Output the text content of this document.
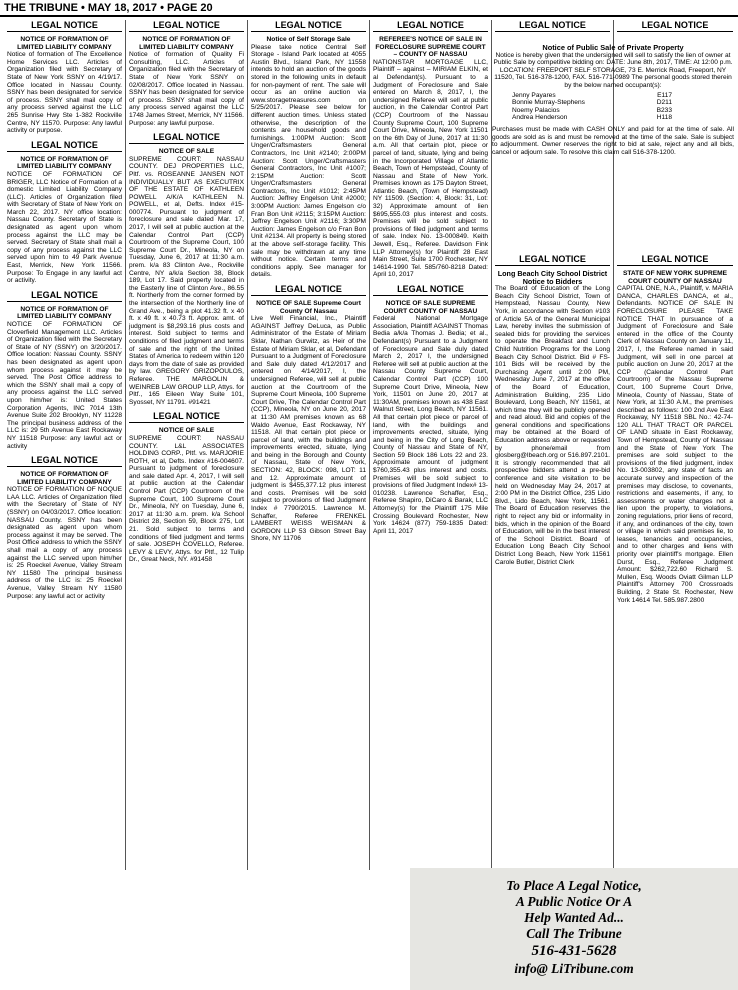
THE TRIBUNE • MAY 18, 2017 • PAGE 20
LEGAL NOTICE
NOTICE OF FORMATION OF LIMITED LIABILITY COMPANY
Notice of formation of The Excellence Home Services LLC. Articles of Organization filed with Secretary of State of New York SSNY on 4/19/17. Office located in Nassau County. SSNY has been designated for service of process. SSNY shall mail copy of any process served against the LLC 265 Sunrise Hwy Ste 1-382 Rockville Centre, NY 11570. Purpose: Any lawful activity or purpose.
LEGAL NOTICE
NOTICE OF FORMATION OF LIMITED LIABILITY COMPANY
NOTICE OF FORMATION OF BRIGER, LLC Notice of Formation of a domestic Limited Liability Company (LLC). Articles of Organization filed with Secretary of State of New York on March 22, 2017. NY office location: Nassau County. Secretary of State is designated as agent upon whom process against the LLC may be served. Secretary of State shall mail a copy of any process against the LLC served upon him to 49 Park Avenue East, Merrick, New York 11566. Purpose: To Engage in any lawful act or activity.
LEGAL NOTICE
NOTICE OF FORMATION OF LIMITED LIABILITY COMPANY
NOTICE OF FORMATION OF Cloverfield Management LLC. Articles of Organization filed with the Secretary of State of NY (SSNY) on 3/20/2017. Office location: Nassau County. SSNY has been designated as agent upon whom process against it may be served. The Post Office address to which the SSNY shall mail a copy of any process against the LLC served upon him/her is: United States Corporation Agents, INC 7014 13th Avenue Suite 202 Brooklyn, NY 11228 The principal business address of the LLC is: 29 5th Avenue East Rockaway NY 11518 Purpose: any lawful act or activity
LEGAL NOTICE
NOTICE OF FORMATION OF LIMITED LIABILITY COMPANY
NOTICE OF FORMATION OF NOQUE LAA LLC. Articles of Organization filed with the Secretary of State of NY (SSNY) on 04/03/2017. Office location: NASSAU County. SSNY has been designated as agent upon whom process against it may be served. The Post Office address to which the SSNY shall mail a copy of any process against the LLC served upon him/her is: 25 Roeckel Avenue, Valley Stream NY 11580 The principal business address of the LLC is: 25 Roeckel Avenue, Valley Stream NY 11580 Purpose: any lawful act or activity
LEGAL NOTICE
NOTICE OF FORMATION OF LIMITED LIABILITY COMPANY
Notice of formation of Quality Fi Consulting, LLC. Articles of Organization filed with the Secretary of State of New York SSNY on 02/08/2017. Office located in Nassau. SSNY has been designated for service of process. SSNY shall mail copy of any process served against the LLC 1748 James Street, Merrick, NY 11566. Purpose: any lawful purpose.
LEGAL NOTICE
NOTICE OF SALE
SUPREME COURT: NASSAU COUNTY. DEJ PROPERTIES LLC, Pltf. vs. ROSEANNE JANSEN NOT INDIVIDUALLY BUT AS EXECUTRIX OF THE ESTATE OF KATHLEEN POWELL A/K/A KATHLEEN N. POWELL, et al, Defts. Index #15-000774. Pursuant to judgment of foreclosure and sale dated Mar. 17, 2017, I will sell at public auction at the Calendar Control Part (CCP) Courtroom of the Supreme Court, 100 Supreme Court Dr., Mineola, NY on Tuesday, June 6, 2017 at 11:30 a.m. prem. k/a 83 Clinton Ave., Rockville Centre, NY a/k/a Section 38, Block 189, Lot 17. Said property located in the Easterly line of Clinton Ave., 86.55 ft. Northerly from the corner formed by the intersection of the Northerly line of Grand Ave., being a plot 41.32 ft. x 40 ft. x 49 ft. x 40.73 ft. Approx. amt. of judgment is $8,293.16 plus costs and interest. Sold subject to terms and conditions of filed judgment and terms of sale and the right of the United States of America to redeem within 120 days from the date of sale as provided by law. GREGORY GRIZOPOULOS, Referee. THE MARGOLIN & WEINREB LAW GROUP LLP, Attys. for Pltf., 165 Eileen Way Suite 101, Syosset, NY 11791. #91421
LEGAL NOTICE
NOTICE OF SALE
SUPREME COURT: NASSAU COUNTY. L&L ASSOCIATES HOLDING CORP., Pltf. vs. MARJORIE ROTH, et al, Defts. Index #16-004607. Pursuant to judgment of foreclosure and sale dated Apr. 4, 2017, I will sell at public auction at the Calendar Control Part (CCP) Courtroom of the Supreme Court, 100 Supreme Court Dr., Mineola, NY on Tuesday, June 6, 2017 at 11:30 a.m. prem. k/a School District 28, Section 59, Block 275, Lot 21. Sold subject to terms and conditions of filed judgment and terms of sale. JOSEPH COVELLO, Referee. LEVY & LEVY, Attys. for Pltf., 12 Tulip Dr., Great Neck, NY. #91458
LEGAL NOTICE
Notice of Self Storage Sale
Please take notice Central Self Storage - Island Park located at 4055 Austin Blvd., Island Park, NY 11558 intends to hold an auction of the goods stored in the following units in default for non-payment of rent. The sale will occur as an online auction via www.storagetreasures.com on 5/25/2017. Please see below for different auction times. Unless stated otherwise, the description of the contents are household goods and furnishings. 1:00PM Auction: Scott Unger/Craftsmasters General Contractors, Inc Unit #2140; 2:00PM Auction: Scott Unger/Craftsmasters General Contractors, Inc Unit #1007; 2:15PM Auction: Scott Unger/Craftsmasters General Contractors, Inc Unit #1012; 2:45PM Auction: Jeffrey Engelson Unit #2000; 3:00PM Auction: James Engelson c/o Fran Bon Unit #2115; 3:15PM Auction: Jeffrey Engelson Unit #2116; 3:30PM Auction: James Engelson c/o Fran Bon Unit #2134. All property is being stored at the above self-storage facility. This sale may be withdrawn at any time without notice. Certain terms and conditions apply. See manager for details.
LEGAL NOTICE
NOTICE OF SALE Supreme Court County Of Nassau
Live Well Financial, Inc., Plaintiff AGAINST Jeffrey DeLuca, as Public Administrator of the Estate of Miriam Sklar, Nathan Gurwitz, as Heir of the Estate of Miriam Sklar, et al, Defendant Pursuant to a Judgment of Foreclosure and Sale duly dated 4/12/2017 and entered on 4/14/2017, I, the undersigned Referee, will sell at public auction at the Courtroom of the Supreme Court Mineola, 100 Supreme Court Drive, The Calendar Control Part (CCP), Mineola, NY on June 20, 2017 at 11:30 AM premises known as 68 Waldo Avenue, East Rockaway, NY 11518. All that certain plot piece or parcel of land, with the buildings and improvements erected, situate, lying and being in the Borough and County of Nassau, State of New York, SECTION: 42, BLOCK: 098, LOT: 11 and 12. Approximate amount of judgment is $455,377.12 plus interest and costs. Premises will be sold subject to provisions of filed Judgment Index # 7790/2015. Lawrence M. Schaffer, Referee FRENKEL LAMBERT WEISS WEISMAN & GORDON LLP 53 Gibson Street Bay Shore, NY 11706
LEGAL NOTICE
REFEREE'S NOTICE OF SALE IN FORECLOSURE SUPREME COURT – COUNTY OF NASSAU
NATIONSTAR MORTGAGE LLC, Plaintiff – against – MIRIAM ELKIN, et al Defendant(s). Pursuant to a Judgment of Foreclosure and Sale entered on March 8, 2017, I, the undersigned Referee will sell at public auction, in the Calendar Control Part (CCP) Courtroom of the Nassau County Supreme Court, 100 Supreme Court Drive, Mineola, New York 11501 on the 6th Day of June, 2017 at 11:30 a.m. All that certain plot, piece or parcel of land, situate, lying and being in the Incorporated Village of Atlantic Beach, Town of Hempstead, County of Nassau and State of New York. Premises known as 175 Dayton Street, Atlantic Beach, (Town of Hempstead) NY 11509. (Section: 4, Block: 31, Lot: 32) Approximate amount of lien $695,555.03 plus interest and costs. Premises will be sold subject to provisions of filed judgment and terms of sale. Index No. 13-000849. Keith Jewell, Esq., Referee. Davidson Fink LLP Attorney(s) for Plaintiff 28 East Main Street, Suite 1700 Rochester, NY 14614-1990 Tel. 585/760-8218 Dated: April 10, 2017
LEGAL NOTICE
NOTICE OF SALE SUPREME COURT COUNTY OF NASSAU
Federal National Mortgage Association, Plaintiff AGAINST Thomas Bedia a/k/a Thomas J. Bedia; et al., Defendant(s) Pursuant to a Judgment of Foreclosure and Sale duly dated March 2, 2017 I, the undersigned Referee will sell at public auction at the Nassau County Supreme Court, Calendar Control Part (CCP) 100 Supreme Court Drive, Mineola, New York, 11501 on June 20, 2017 at 11:30AM, premises known as 438 East Walnut Street, Long Beach, NY 11561. All that certain plot piece or parcel of land, with the buildings and improvements erected, situate, lying and being in the City of Long Beach, County of Nassau and State of NY, Section 59 Block 186 Lots 22 and 23. Approximate amount of judgment $760,355.43 plus interest and costs. Premises will be sold subject to provisions of filed Judgment Index# 13-010238. Lawrence Schaffer, Esq., Referee Shapiro, DiCaro & Barak, LLC Attorney(s) for the Plaintiff 175 Mile Crossing Boulevard Rochester, New York 14624 (877) 759-1835 Dated: April 11, 2017
LEGAL NOTICE	LEGAL NOTICE
Notice of Public Sale of Private Property
Notice is hereby given that the undersigned will sell to satisfy the lien of owner at Public Sale by competitive bidding on: DATE: June 8th, 2017, TIME: At 12:00 p.m. LOCATION: FREEPORT SELF STORAGE, 73 E. Merrick Road, Freeport, NY 11520, Tel. 516-378-1200, FAX. 516-771-0989 The personal goods stored therein by the below named occupant(s):
Jenny Payares	E117
Bonnie Murray-Stephens	D211
Noemy Palacios	B233
Andrea Henderson	H118
Purchases must be made with CASH ONLY and paid for at the time of sale. All goods are sold as is and must be removed at the time of the sale. Sale is subject to adjournment. Owner reserves the right to bid at sale, reject any and all bids, cancel or adjourn sale. To resolve this claim call 516-378-1200.
LEGAL NOTICE
Long Beach City School District Notice to Bidders
The Board of Education of the Long Beach City School District, Town of Hempstead, Nassau County, New York, in accordance with Section #103 of Article 5A of the General Municipal Law, hereby invites the submission of sealed bids for providing the services to operate the Breakfast and Lunch Child Nutrition Programs for the Long Beach City School District. Bid # FS-101 Bids will be received by the Purchasing Agent until 2:00 PM, Wednesday June 7, 2017 at the office of the Board of Education, Administration Building, 235 Lido Boulevard, Long Beach, NY 11561, at which time they will be publicly opened and read aloud. Bid and copies of the general conditions and specifications may be obtained at the Board of Education address above or requested by phone/email from glosberg@lbeach.org or 516.897.2101. It is strongly recommended that all prospective bidders attend a pre-bid conference and site visitation to be held on Wednesday May 24, 2017 at 2:00 PM in the District Office, 235 Lido Blvd., Lido Beach, New York, 11561. The Board of Education reserves the right to reject any bid or informality in bids, which in the opinion of the Board of Education, will be in the best interest of the School District. Board of Education Long Beach City School District Long Beach, New York 11561 Carole Butler, District Clerk
LEGAL NOTICE
STATE OF NEW YORK SUPREME COURT COUNTY OF NASSAU
CAPITAL ONE, N.A., Plaintiff, v. MARIA DANCA, CHARLES DANCA, et al., Defendants. NOTICE OF SALE IN FORECLOSURE PLEASE TAKE NOTICE THAT In pursuance of a Judgment of Foreclosure and Sale entered in the office of the County Clerk of Nassau County on January 11, 2017, I, the Referee named in said Judgment, will sell in one parcel at public auction on June 20, 2017 at the CCP (Calendar Control Part Courtroom) of the Nassau Supreme Court, 100 Supreme Court Drive, Mineola, County of Nassau, State of New York, at 11:30 A.M., the premises described as follows: 100 2nd Ave East Rockaway, NY 11518 SBL No.: 42-74-120 ALL THAT TRACT OR PARCEL OF LAND situate in East Rockaway, Town of Hempstead, County of Nassau and the State of New York The premises are sold subject to the provisions of the filed judgment, index No. 13-003802, any state of facts an accurate survey and inspection of the premises may disclose, to covenants, restrictions and easements, if any, to assessments or water charges not a lien upon the property, to violations, zoning regulations, prior liens of record, if any, and ordinances of the city, town or village in which said premises lie, to leases, tenancies and occupancies, and to other charges and liens with priority over plaintiff's mortgage. Ellen Durst, Esq., Referee Judgment Amount: $262,722.60 Richard S. Mullen, Esq. Woods Oviatt Gilman LLP Plaintiff's Attorney 700 Crossroads Building, 2 State St. Rochester, New York 14614 Tel. 585.987.2800
To Place A Legal Notice,
A Public Notice Or A
Help Wanted Ad...
Call The Tribune
516-431-5628
info@ LiTribune.com
